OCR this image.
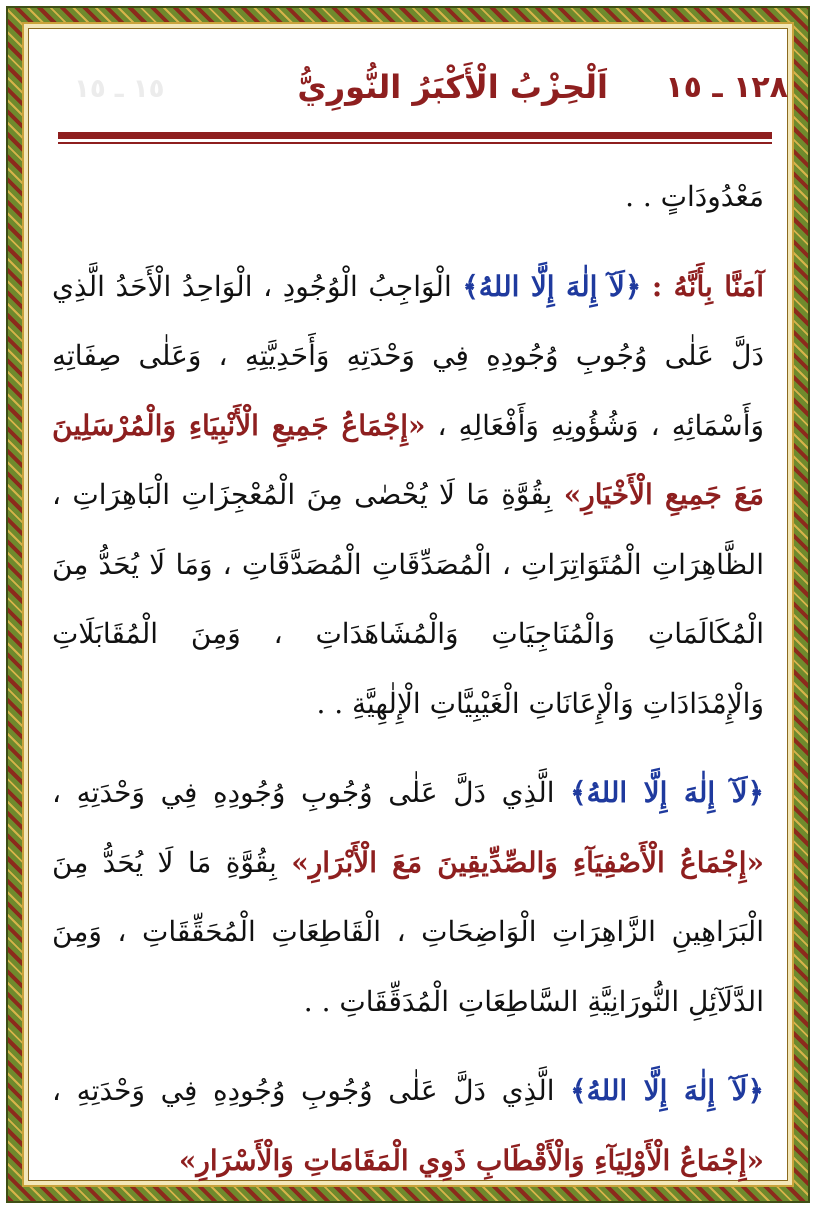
١٥ ـ ١٥	اَلْحِزْبُ الْأَكْبَرُ النُّورِيُّ ١٢٨ ـ ١٥

مَعْدُودَاتٍ . .

آمَنَّا بِأَنَّهُ : ﴿لَآ إِلٰهَ إِلَّا اللهُ﴾ الْوَاجِبُ الْوُجُودِ ، الْوَاحِدُ الْأَحَدُ الَّذِي دَلَّ عَلٰى وُجُوبِ وُجُودِهِ فِي وَحْدَتِهِ وَأَحَدِيَّتِهِ ، وَعَلٰى صِفَاتِهِ وَأَسْمَائِهِ ، وَشُؤُونِهِ وَأَفْعَالِهِ ، «إِجْمَاعُ جَمِيعِ الْأَنْبِيَاءِ وَالْمُرْسَلِينَ مَعَ جَمِيعِ الْأَخْيَارِ» بِقُوَّةِ مَا لَا يُحْصٰى مِنَ الْمُعْجِزَاتِ الْبَاهِرَاتِ ، الظَّاهِرَاتِ الْمُتَوَاتِرَاتِ ، الْمُصَدِّقَاتِ الْمُصَدَّقَاتِ ، وَمَا لَا يُحَدُّ مِنَ الْمُكَالَمَاتِ وَالْمُنَاجِيَاتِ وَالْمُشَاهَدَاتِ ، وَمِنَ الْمُقَابَلَاتِ وَالْإِمْدَادَاتِ وَالْإِعَانَاتِ الْغَيْبِيَّاتِ الْإِلٰهِيَّةِ . .

﴿لَآ إِلٰهَ إِلَّا اللهُ﴾ الَّذِي دَلَّ عَلٰى وُجُوبِ وُجُودِهِ فِي وَحْدَتِهِ ، «إِجْمَاعُ الْأَصْفِيَآءِ وَالصِّدِّيقِينَ مَعَ الْأَبْرَارِ» بِقُوَّةِ مَا لَا يُحَدُّ مِنَ الْبَرَاهِينِ الزَّاهِرَاتِ الْوَاضِحَاتِ ، الْقَاطِعَاتِ الْمُحَقِّقَاتِ ، وَمِنَ الدَّلَآئِلِ النُّورَانِيَّةِ السَّاطِعَاتِ الْمُدَقِّقَاتِ . .

﴿لَآ إِلٰهَ إِلَّا اللهُ﴾ الَّذِي دَلَّ عَلٰى وُجُوبِ وُجُودِهِ فِي وَحْدَتِهِ ، «إِجْمَاعُ الْأَوْلِيَآءِ وَالْأَقْطَابِ ذَوِي الْمَقَامَاتِ وَالْأَسْرَارِ»
